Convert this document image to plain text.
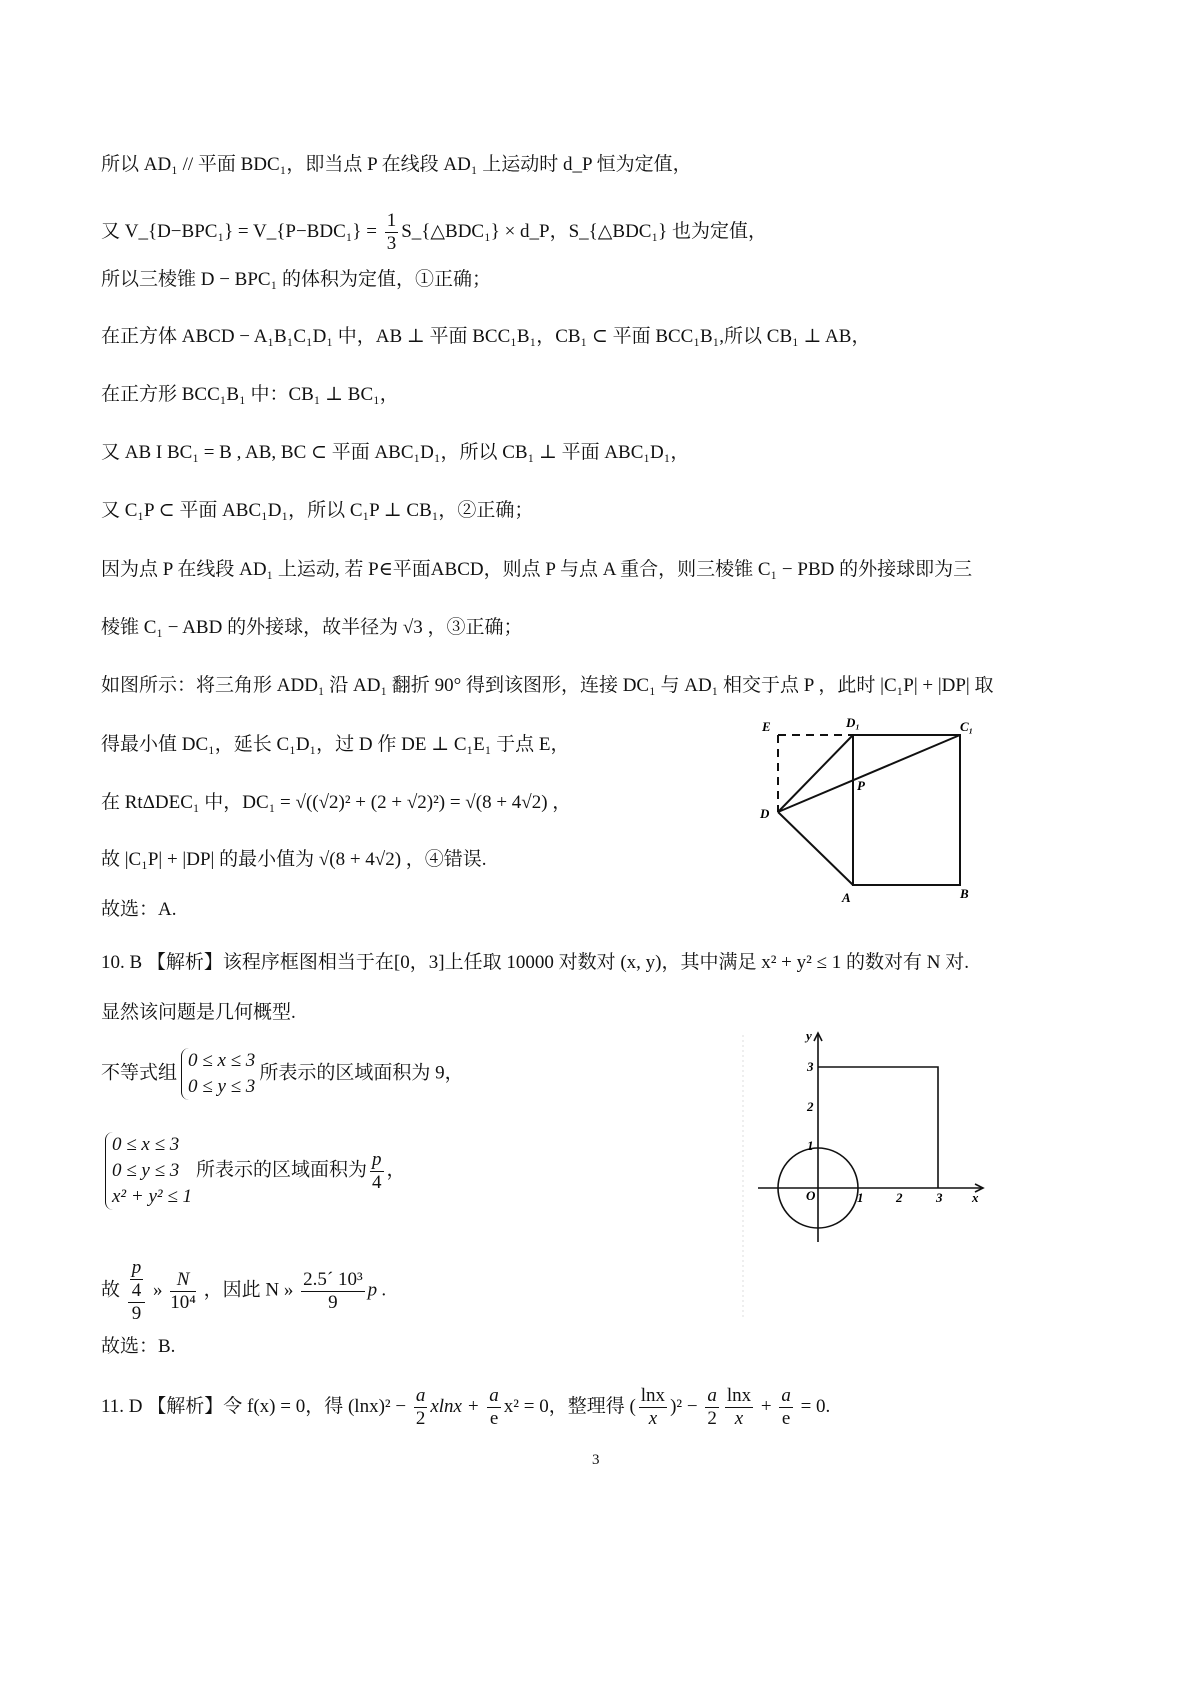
所以 AD₁ // 平面 BDC₁，即当点 P 在线段 AD₁ 上运动时 d_P 恒为定值，
又 V_{D−BPC₁} = V_{P−BDC₁} = $\frac{1}{3}$ S_{△BDC₁} × d_P，S_{△BDC₁} 也为定值，
所以三棱锥 D − BPC₁ 的体积为定值，①正确；
在正方体 ABCD − A₁B₁C₁D₁ 中，AB ⊥ 平面 BCC₁B₁，CB₁ ⊂ 平面 BCC₁B₁,所以 CB₁ ⊥ AB，
在正方形 BCC₁B₁ 中：CB₁ ⊥ BC₁，
又 AB I BC₁ = B , AB, BC ⊂ 平面 ABC₁D₁，所以 CB₁ ⊥ 平面 ABC₁D₁，
又 C₁P ⊂ 平面 ABC₁D₁，所以 C₁P ⊥ CB₁，②正确；
因为点 P 在线段 AD₁ 上运动, 若 P∈平面ABCD，则点 P 与点 A 重合，则三棱锥 C₁ − PBD 的外接球即为三
棱锥 C₁ − ABD 的外接球，故半径为 √3 ，③正确；
如图所示：将三角形 ADD₁ 沿 AD₁ 翻折 90° 得到该图形，连接 DC₁ 与 AD₁ 相交于点 P ，此时 |C₁P| + |DP| 取
得最小值 DC₁，延长 C₁D₁，过 D 作 DE ⊥ C₁E₁ 于点 E，
在 RtΔDEC₁ 中，DC₁ = √((√2)² + (2 + √2)²) = √(8 + 4√2) ，
故 |C₁P| + |DP| 的最小值为 √(8 + 4√2) ，④错误.
故选：A.
10. B 【解析】该程序框图相当于在[0，3]上任取 10000 对数对 (x, y)，其中满足 x² + y² ≤ 1 的数对有 N 对.
显然该问题是几何概型.
不等式组
0 ≤ x ≤ 3
0 ≤ y ≤ 3
所表示的区域面积为 9，
0 ≤ x ≤ 3
0 ≤ y ≤ 3
x² + y² ≤ 1
所表示的区域面积为 $\frac{p}{4}$ ，
故 $\frac{\frac{p}{4}}{9}$ » $\frac{N}{\text{10⁴}}$ ，因此 N » $\frac{\text{2.5´ 10³}}{9}$ p .
故选：B.
11. D 【解析】令 f(x) = 0，得 $(\ln x)^2 - \frac{a}{2}$ $xlnx + \frac{a}{e} x^2 = 0$，整理得 ( $\frac{\ln x}{x} )^2 - \frac{a}{2} \frac{\ln x}{x} + \frac{a}{e} = 0$.
E	D₁	C₁
P
D
A	B
x
y
O	1	2	3
1
2
3
3
